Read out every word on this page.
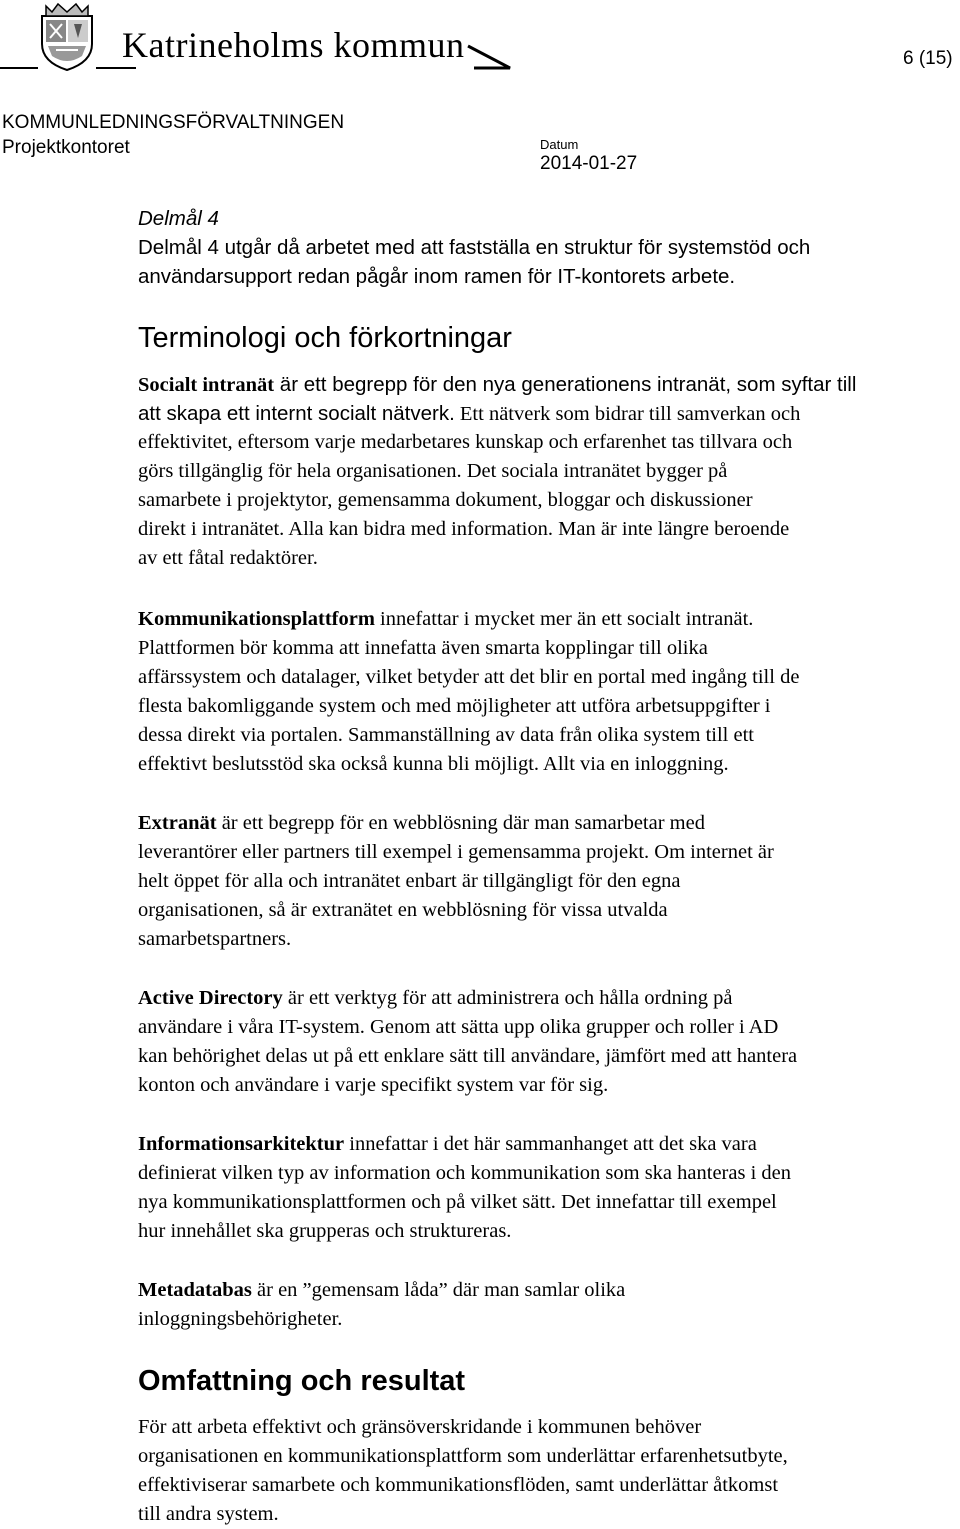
Katrineholms kommun	6 (15)
KOMMUNLEDNINGSFÖRVALTNINGEN
Projektkontoret	Datum
2014-01-27
Delmål 4
Delmål 4 utgår då arbetet med att fastställa en struktur för systemstöd och
användarsupport redan pågår inom ramen för IT-kontorets arbete.
Terminologi och förkortningar
Socialt intranät är ett begrepp för den nya generationens intranät, som syftar till
att skapa ett internt socialt nätverk. Ett nätverk som bidrar till samverkan och
effektivitet, eftersom varje medarbetares kunskap och erfarenhet tas tillvara och
görs tillgänglig för hela organisationen. Det sociala intranätet bygger på
samarbete i projektytor, gemensamma dokument, bloggar och diskussioner
direkt i intranätet. Alla kan bidra med information. Man är inte längre beroende
av ett fåtal redaktörer.
Kommunikationsplattform innefattar i mycket mer än ett socialt intranät.
Plattformen bör komma att innefatta även smarta kopplingar till olika
affärssystem och datalager, vilket betyder att det blir en portal med ingång till de
flesta bakomliggande system och med möjligheter att utföra arbetsuppgifter i
dessa direkt via portalen. Sammanställning av data från olika system till ett
effektivt beslutsstöd ska också kunna bli möjligt. Allt via en inloggning.
Extranät är ett begrepp för en webblösning där man samarbetar med
leverantörer eller partners till exempel i gemensamma projekt. Om internet är
helt öppet för alla och intranätet enbart är tillgängligt för den egna
organisationen, så är extranätet en webblösning för vissa utvalda
samarbetspartners.
Active Directory är ett verktyg för att administrera och hålla ordning på
användare i våra IT-system. Genom att sätta upp olika grupper och roller i AD
kan behörighet delas ut på ett enklare sätt till användare, jämfört med att hantera
konton och användare i varje specifikt system var för sig.
Informationsarkitektur innefattar i det här sammanhanget att det ska vara
definierat vilken typ av information och kommunikation som ska hanteras i den
nya kommunikationsplattformen och på vilket sätt. Det innefattar till exempel
hur innehållet ska grupperas och struktureras.
Metadatabas är en ”gemensam låda” där man samlar olika
inloggningsbehörigheter.
Omfattning och resultat
För att arbeta effektivt och gränsöverskridande i kommunen behöver
organisationen en kommunikationsplattform som underlättar erfarenhetsutbyte,
effektiviserar samarbete och kommunikationsflöden, samt underlättar åtkomst
till andra system.
